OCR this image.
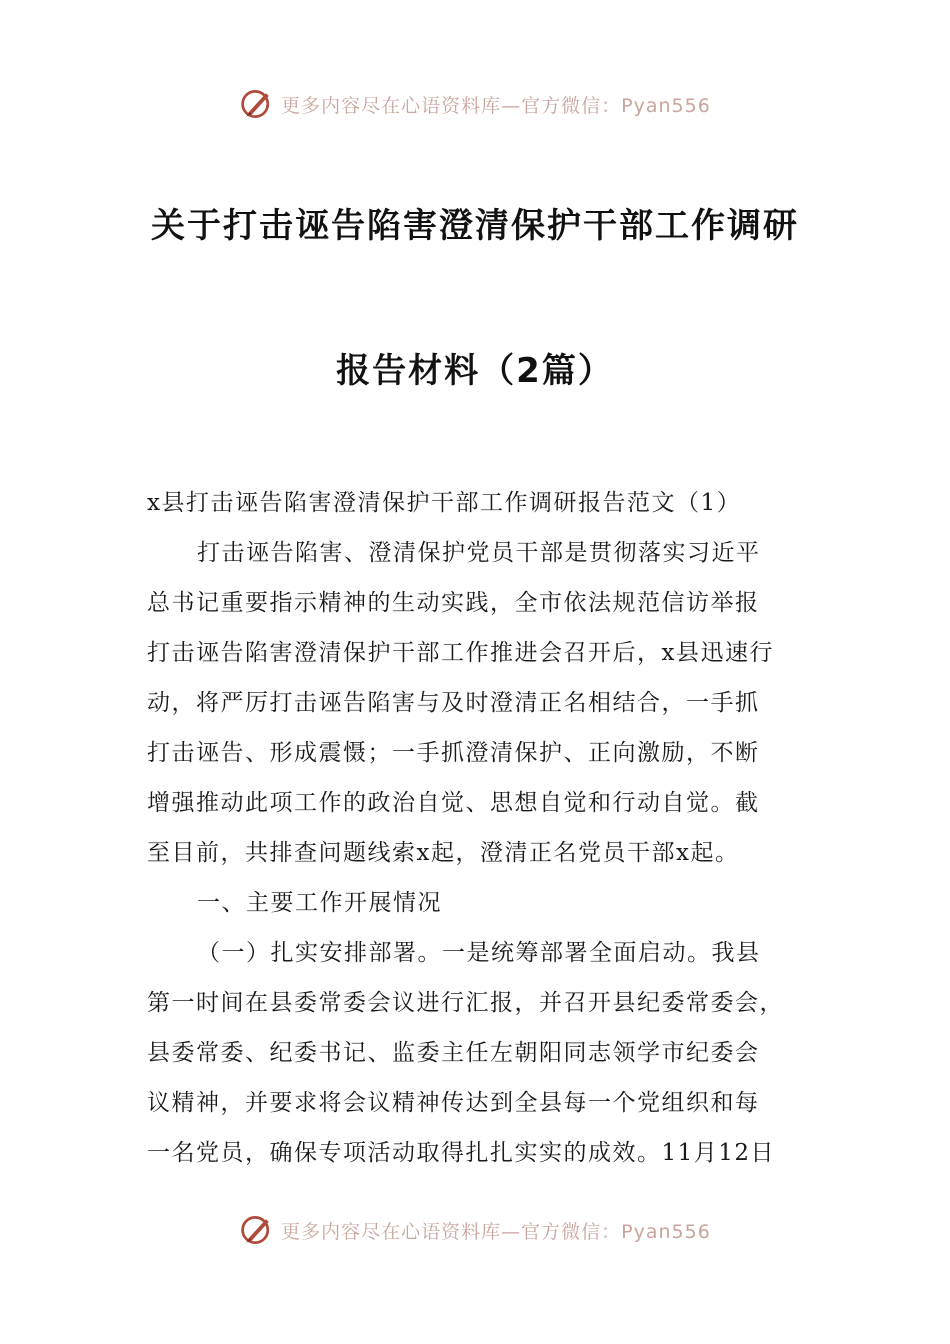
更多内容尽在心语资料库—官方微信：Pyan556
关于打击诬告陷害澄清保护干部工作调研
报告材料（2篇）
x县打击诬告陷害澄清保护干部工作调研报告范文（1）
打击诬告陷害、澄清保护党员干部是贯彻落实习近平
总书记重要指示精神的生动实践，全市依法规范信访举报
打击诬告陷害澄清保护干部工作推进会召开后，x县迅速行
动，将严厉打击诬告陷害与及时澄清正名相结合，一手抓
打击诬告、形成震慑；一手抓澄清保护、正向激励，不断
增强推动此项工作的政治自觉、思想自觉和行动自觉。截
至目前，共排查问题线索x起，澄清正名党员干部x起。
一、主要工作开展情况
（一）扎实安排部署。一是统筹部署全面启动。我县
第一时间在县委常委会议进行汇报，并召开县纪委常委会，
县委常委、纪委书记、监委主任左朝阳同志领学市纪委会
议精神，并要求将会议精神传达到全县每一个党组织和每
一名党员，确保专项活动取得扎扎实实的成效。11月12日
更多内容尽在心语资料库—官方微信：Pyan556
